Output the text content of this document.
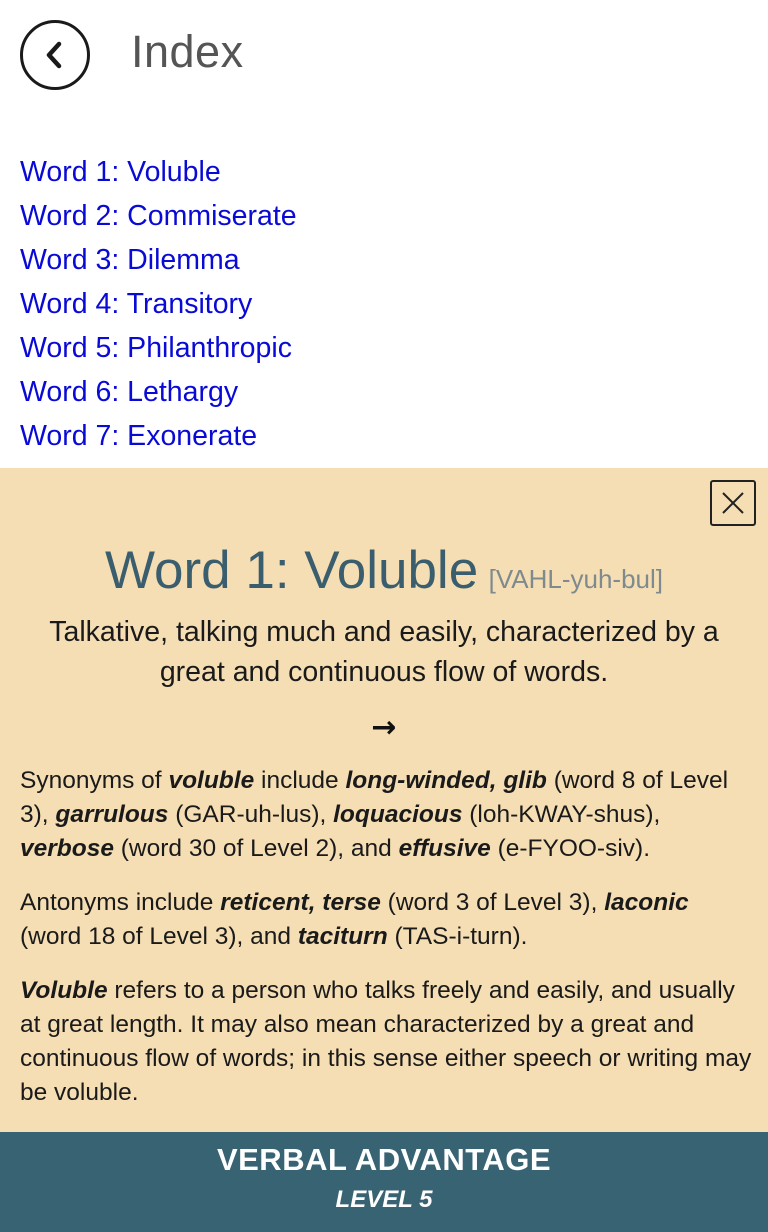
Index
Word 1: Voluble
Word 2: Commiserate
Word 3: Dilemma
Word 4: Transitory
Word 5: Philanthropic
Word 6: Lethargy
Word 7: Exonerate
Word 1: Voluble [VAHL-yuh-bul]
Talkative, talking much and easily, characterized by a great and continuous flow of words.
→

Synonyms of voluble include long-winded, glib (word 8 of Level 3), garrulous (GAR-uh-lus), loquacious (loh-KWAY-shus), verbose (word 30 of Level 2), and effusive (e-FYOO-siv).

Antonyms include reticent, terse (word 3 of Level 3), laconic (word 18 of Level 3), and taciturn (TAS-i-turn).

Voluble refers to a person who talks freely and easily, and usually at great length. It may also mean characterized by a great and continuous flow of words; in this sense either speech or writing may be voluble.

VERBAL ADVANTAGE
LEVEL 5
